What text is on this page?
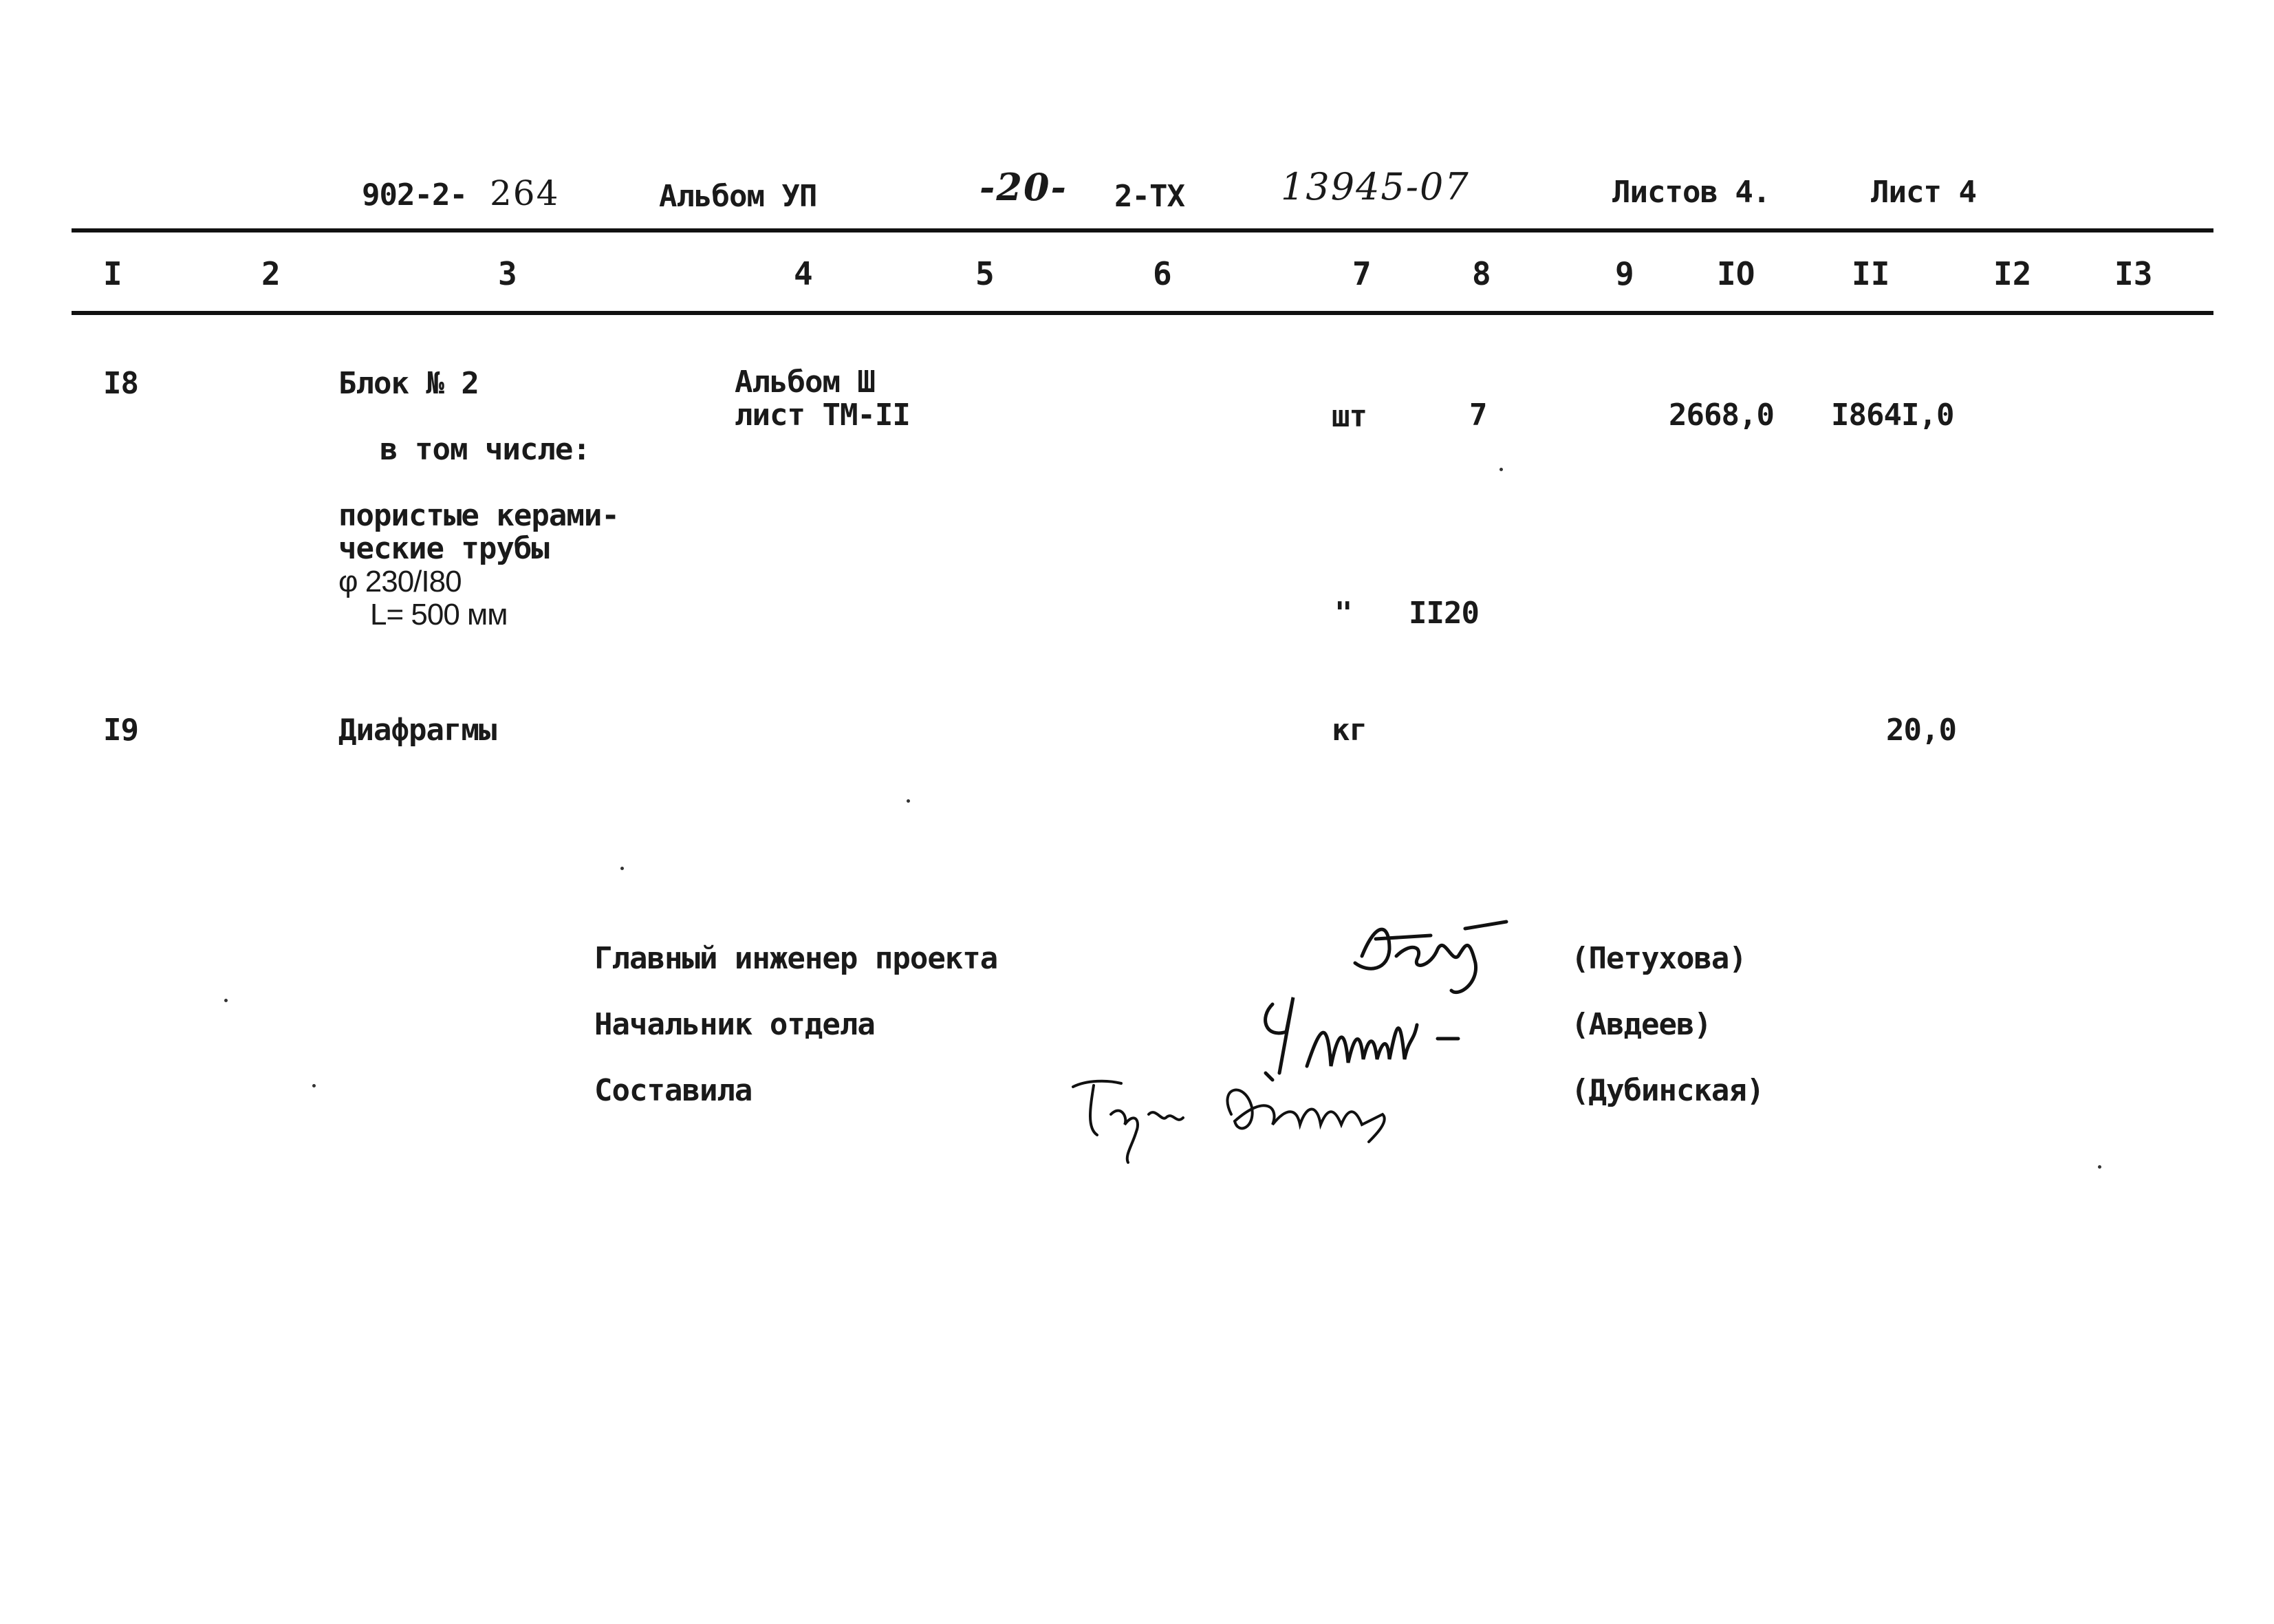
902-2- 264	Альбом УП	-20- 2-ТХ	13945-07	Листов 4.	Лист 4
I	2	3	4	5	6	7	8	9	IO	II	I2	I3
I8	Блок № 2	Альбом Ш
лист ТМ-II	шт	7	2668,0 I864I,0
в том числе:
пористые керами-
ческие трубы
φ 230/I80
L= 500 мм	" II20
I9	Диафрагмы	кг	20,0
Главный инженер проекта	(Петухова)
Начальник отдела	(Авдеев)
Составила	(Дубинская)
